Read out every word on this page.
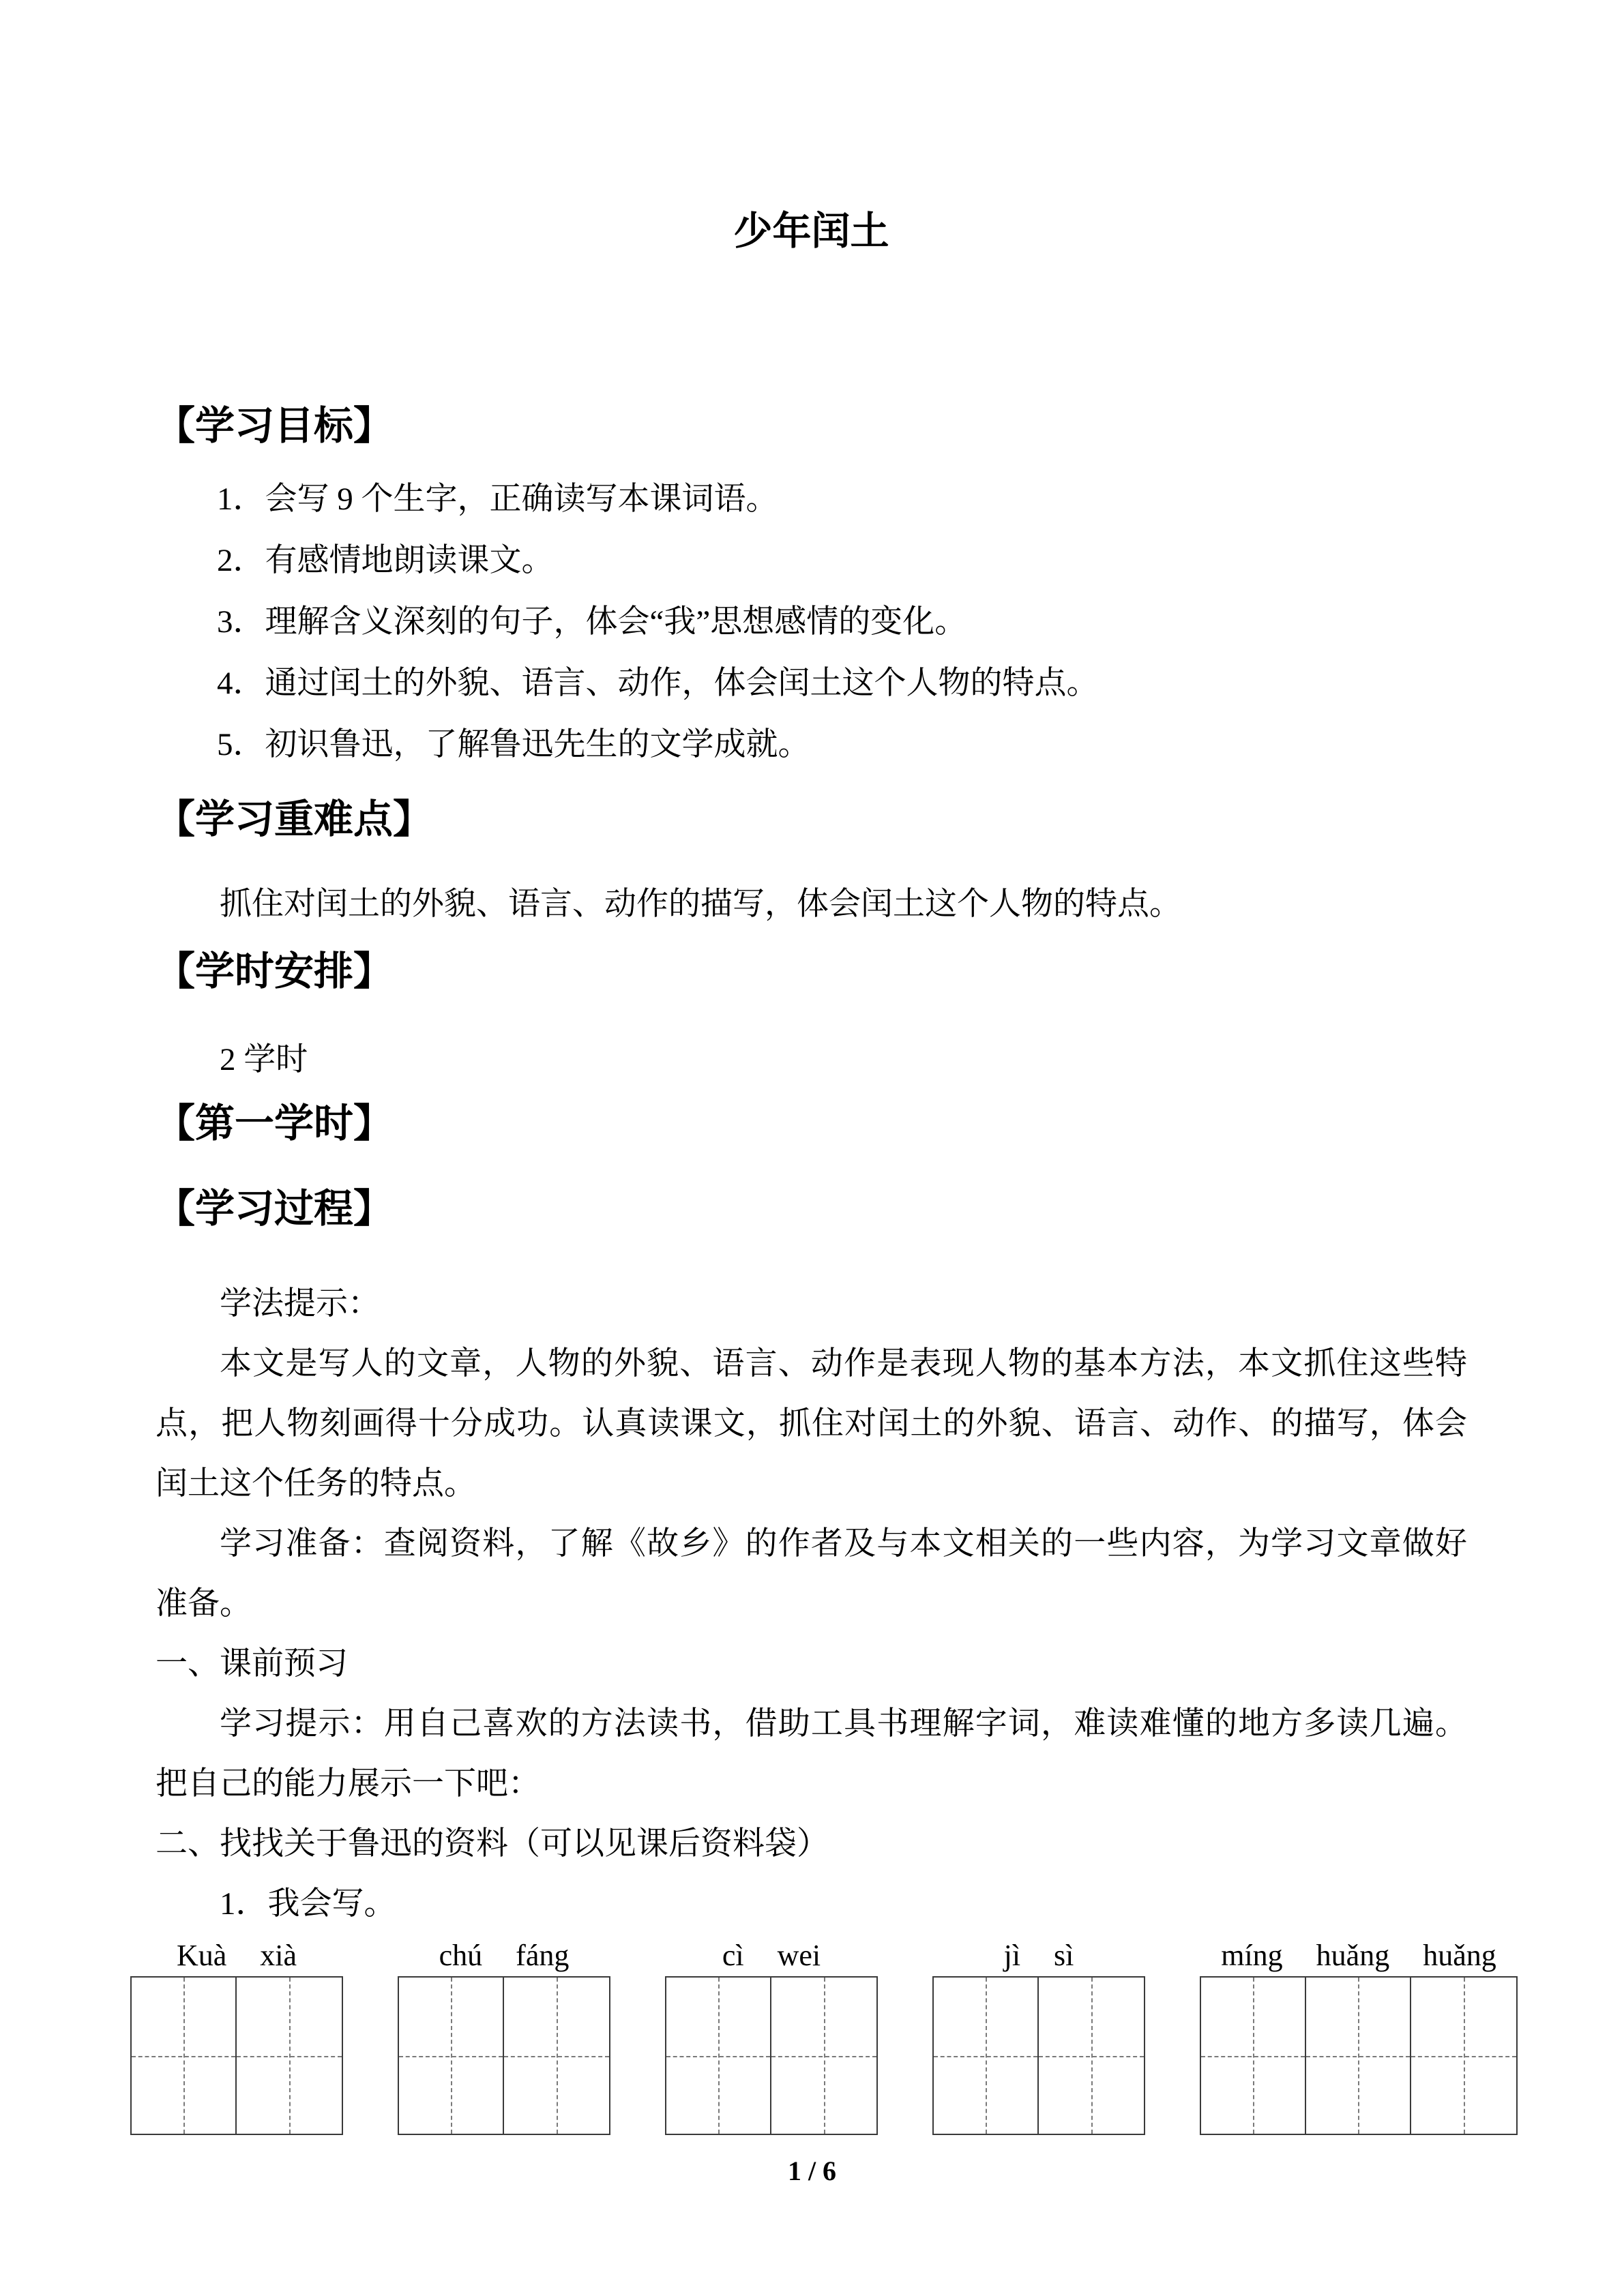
少年闰土
【学习目标】
1．会写 9 个生字，正确读写本课词语。
2．有感情地朗读课文。
3．理解含义深刻的句子，体会“我”思想感情的变化。
4．通过闰土的外貌、语言、动作，体会闰土这个人物的特点。
5．初识鲁迅，了解鲁迅先生的文学成就。
【学习重难点】
抓住对闰土的外貌、语言、动作的描写，体会闰土这个人物的特点。
【学时安排】
2 学时
【第一学时】
【学习过程】
学法提示：
本文是写人的文章，人物的外貌、语言、动作是表现人物的基本方法，本文抓住这些特点，把人物刻画得十分成功。认真读课文，抓住对闰土的外貌、语言、动作、的描写，体会闰土这个任务的特点。
学习准备：查阅资料，了解《故乡》的作者及与本文相关的一些内容，为学习文章做好准备。
一、课前预习
学习提示：用自己喜欢的方法读书，借助工具书理解字词，难读难懂的地方多读几遍。把自己的能力展示一下吧：
二、找找关于鲁迅的资料（可以见课后资料袋）
1．我会写。
Kuà xià	chú fáng	cì wei	jì sì	míng huǎng huǎng
1 / 6
